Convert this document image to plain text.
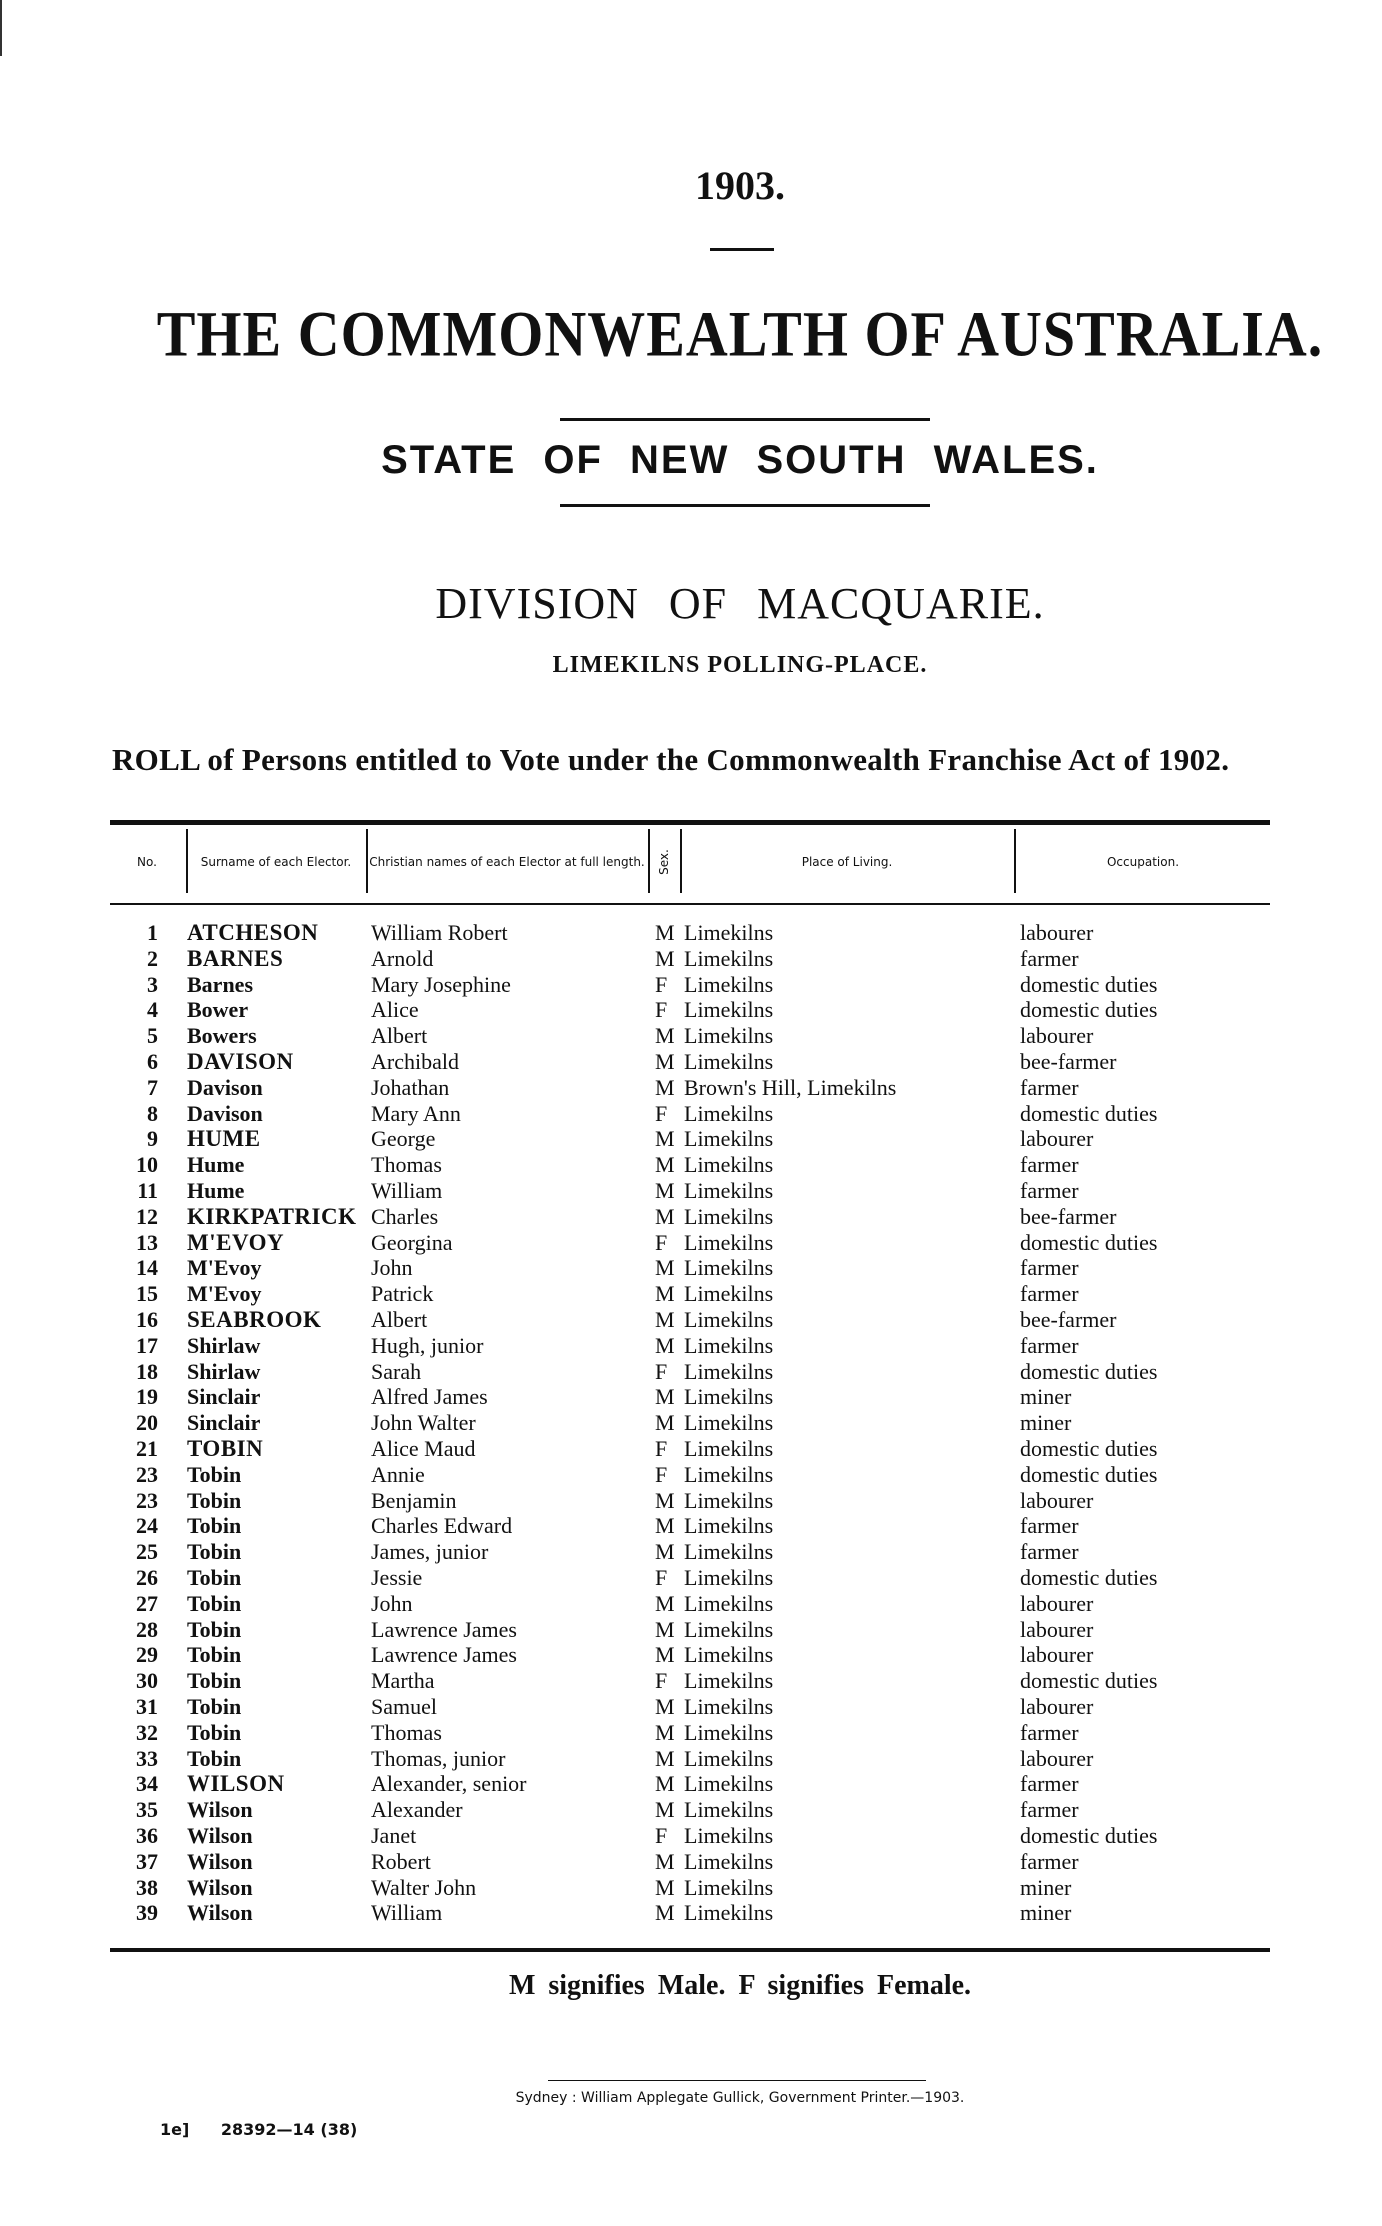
1903.
THE COMMONWEALTH OF AUSTRALIA.
STATE OF NEW SOUTH WALES.
DIVISION OF MACQUARIE.
LIMEKILNS POLLING-PLACE.
ROLL of Persons entitled to Vote under the Commonwealth Franchise Act of 1902.
No.	Surname of each Elector.	Christian names of each Elector at full length. Sex.	Place of Living.	Occupation.
1 ATCHESON William Robert	M Limekilns	labourer
2 BARNES	Arnold	M Limekilns	farmer
3 Barnes	Mary Josephine	F Limekilns	domestic duties
4 Bower	Alice	F Limekilns	domestic duties
5 Bowers	Albert	M Limekilns	labourer
6 DAVISON	Archibald	M Limekilns	bee-farmer
7 Davison	Johathan	M Brown's Hill, Limekilns	farmer
8 Davison	Mary Ann	F Limekilns	domestic duties
9 HUME	George	M Limekilns	labourer
10 Hume	Thomas	M Limekilns	farmer
11 Hume	William	M Limekilns	farmer
12 KIRKPATRICK Charles	M Limekilns	bee-farmer
13 M'EVOY	Georgina	F Limekilns	domestic duties
14 M'Evoy	John	M Limekilns	farmer
15 M'Evoy	Patrick	M Limekilns	farmer
16 SEABROOK Albert	M Limekilns	bee-farmer
17 Shirlaw	Hugh, junior	M Limekilns	farmer
18 Shirlaw	Sarah	F Limekilns	domestic duties
19 Sinclair	Alfred James	M Limekilns	miner
20 Sinclair	John Walter	M Limekilns	miner
21 TOBIN	Alice Maud	F Limekilns	domestic duties
23 Tobin	Annie	F Limekilns	domestic duties
23 Tobin	Benjamin	M Limekilns	labourer
24 Tobin	Charles Edward	M Limekilns	farmer
25 Tobin	James, junior	M Limekilns	farmer
26 Tobin	Jessie	F Limekilns	domestic duties
27 Tobin	John	M Limekilns	labourer
28 Tobin	Lawrence James	M Limekilns	labourer
29 Tobin	Lawrence James	M Limekilns	labourer
30 Tobin	Martha	F Limekilns	domestic duties
31 Tobin	Samuel	M Limekilns	labourer
32 Tobin	Thomas	M Limekilns	farmer
33 Tobin	Thomas, junior	M Limekilns	labourer
34 WILSON	Alexander, senior	M Limekilns	farmer
35 Wilson	Alexander	M Limekilns	farmer
36 Wilson	Janet	F Limekilns	domestic duties
37 Wilson	Robert	M Limekilns	farmer
38 Wilson	Walter John	M Limekilns	miner
39 Wilson	William	M Limekilns	miner
M signifies Male. F signifies Female.
Sydney : William Applegate Gullick, Government Printer.—1903.
1e] 28392—14 (38)
